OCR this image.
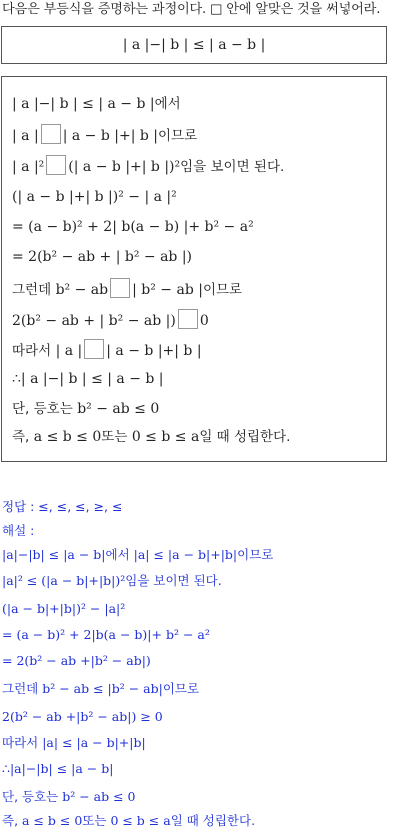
다음은 부등식을 증명하는 과정이다. □ 안에 알맞은 것을 써넣어라.
| a |−| b | ≤ | a − b |
| a |−| b | ≤ | a − b |에서
| a | | a − b |+| b |이므로
| a |² (| a − b |+| b |)²임을 보이면 된다.
(| a − b |+| b |)² − | a |²
= (a − b)² + 2| b(a − b) |+ b² − a²
= 2(b² − ab + | b² − ab |)
그런데 b² − ab | b² − ab |이므로
2(b² − ab + | b² − ab |) 0
따라서 | a | | a − b |+| b |
∴| a |−| b | ≤ | a − b |
단, 등호는 b² − ab ≤ 0
즉, a ≤ b ≤ 0또는 0 ≤ b ≤ a일 때 성립한다.
정답 : ≤, ≤, ≤, ≥, ≤
해설 :
|a|−|b| ≤ |a − b|에서 |a| ≤ |a − b|+|b|이므로
|a|² ≤ (|a − b|+|b|)²임을 보이면 된다.
(|a − b|+|b|)² − |a|²
= (a − b)² + 2|b(a − b)|+ b² − a²
= 2(b² − ab +|b² − ab|)
그런데 b² − ab ≤ |b² − ab|이므로
2(b² − ab +|b² − ab|) ≥ 0
따라서 |a| ≤ |a − b|+|b|
∴|a|−|b| ≤ |a − b|
단, 등호는 b² − ab ≤ 0
즉, a ≤ b ≤ 0또는 0 ≤ b ≤ a일 때 성립한다.
